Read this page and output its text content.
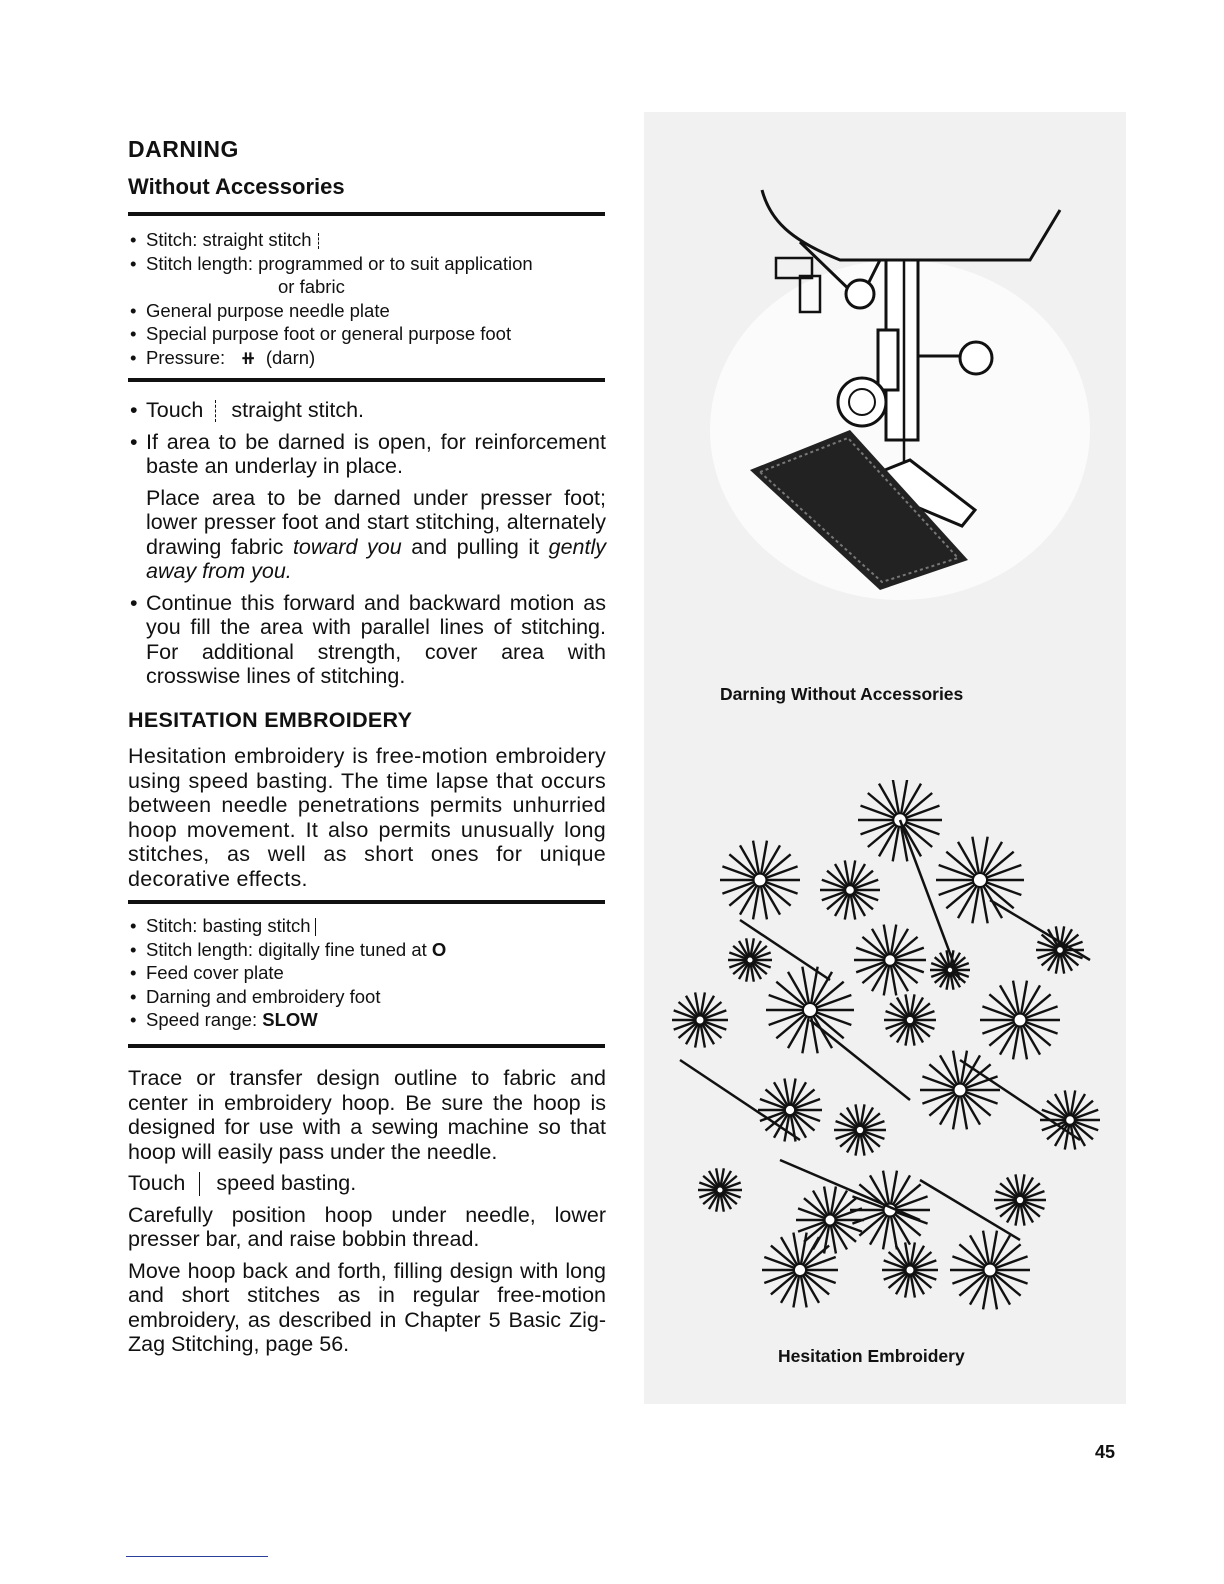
DARNING
Without Accessories
• Stitch: straight stitch
• Stitch length: programmed or to suit application
or fabric
• General purpose needle plate
• Special purpose foot or general purpose foot
• Pressure: ⧺ (darn)
• Touch straight stitch.
• If area to be darned is open, for reinforcement baste an underlay in place.

Place area to be darned under presser foot; lower presser foot and start stitching, alternately drawing fabric toward you and pulling it gently away from you.

• Continue this forward and backward motion as you fill the area with parallel lines of stitching. For additional strength, cover area with crosswise lines of stitching.
HESITATION EMBROIDERY
Hesitation embroidery is free-motion embroidery using speed basting. The time lapse that occurs between needle penetrations permits unhurried hoop movement. It also permits unusually long stitches, as well as short ones for unique decorative effects.
• Stitch: basting stitch
• Stitch length: digitally fine tuned at O
• Feed cover plate
• Darning and embroidery foot
• Speed range: SLOW

Trace or transfer design outline to fabric and center in embroidery hoop. Be sure the hoop is designed for use with a sewing machine so that hoop will easily pass under the needle.

Touch speed basting.

Carefully position hoop under needle, lower presser bar, and raise bobbin thread.

Move hoop back and forth, filling design with long and short stitches as in regular free-motion embroidery, as described in Chapter 5 Basic Zig-Zag Stitching, page 56.

Darning Without Accessories
Hesitation Embroidery
45
